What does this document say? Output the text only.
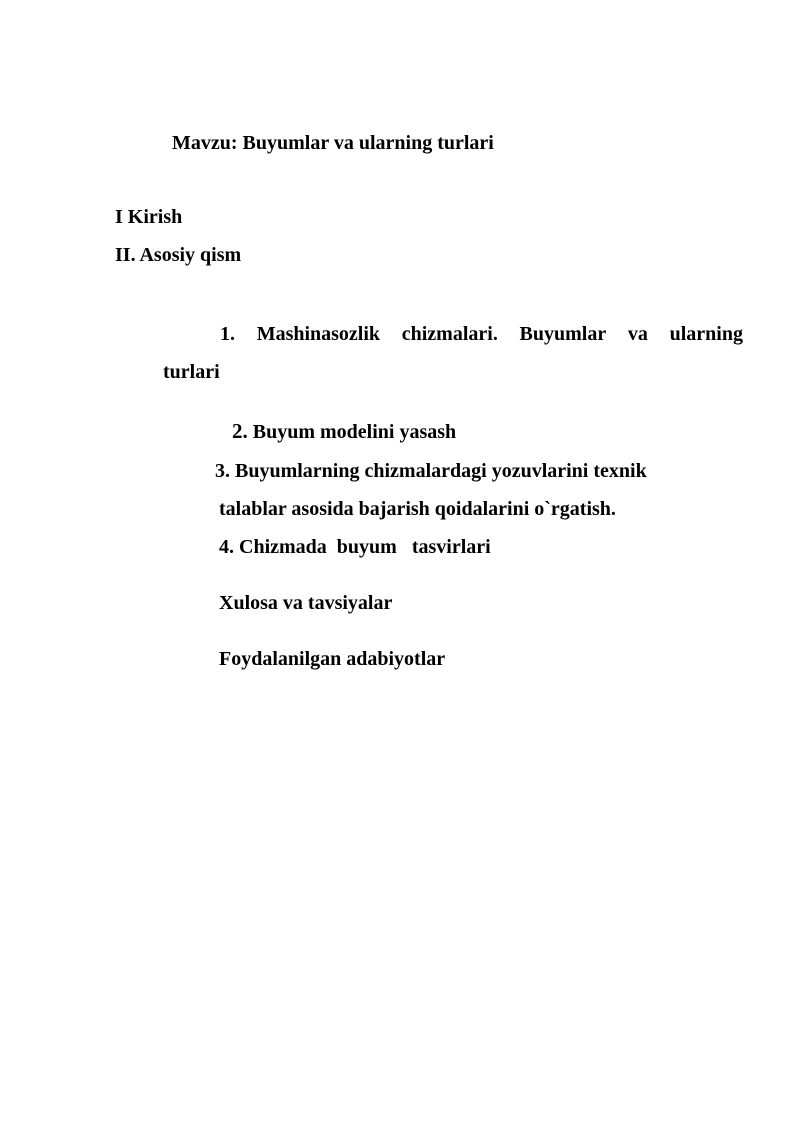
Mavzu: Buyumlar va ularning turlari

I Kirish

II. Asosiy qism

1. Mashinasozlik chizmalari. Buyumlar va ularning
turlari

2. Buyum modelini yasash

3. Buyumlarning chizmalardagi yozuvlarini texnik

talablar asosida bajarish qoidalarini o`rgatish.

4. Chizmada  buyum   tasvirlari

Xulosa va tavsiyalar

Foydalanilgan adabiyotlar
